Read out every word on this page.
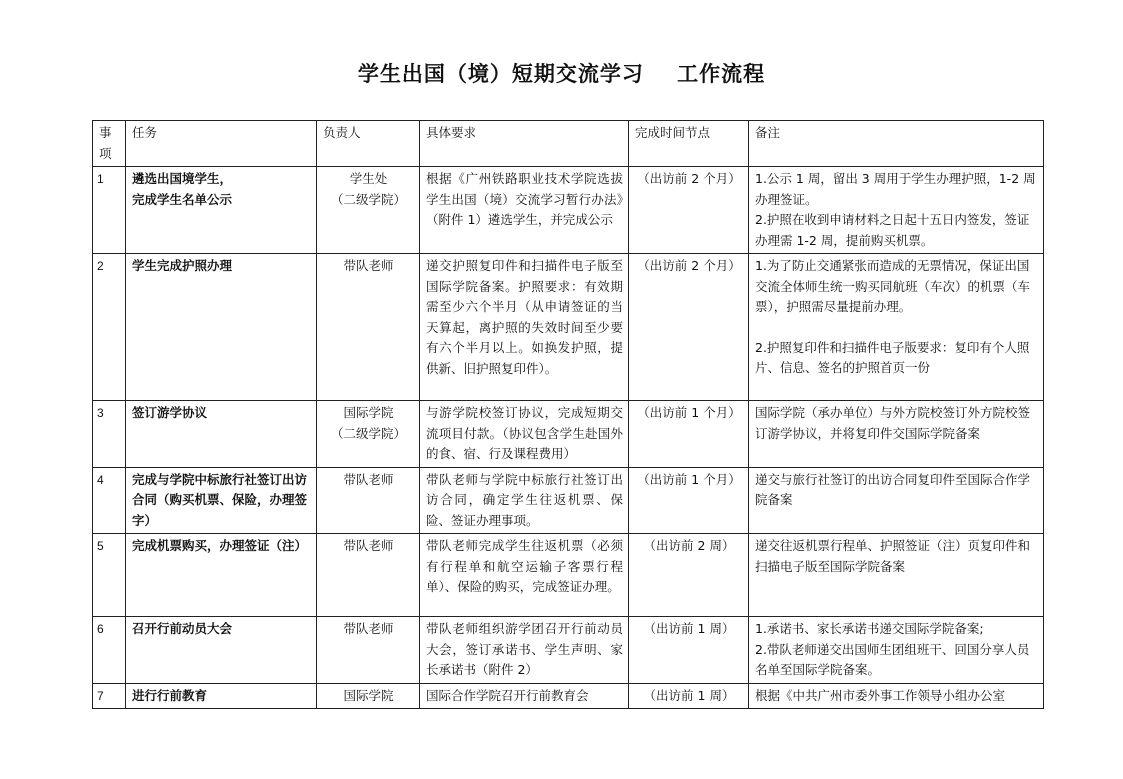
学生出国（境）短期交流学习    工作流程
事项	任务	负责人	具体要求	完成时间节点	备注
1	遴选出国境学生，
完成学生名单公示	学生处
（二级学院）	根据《广州铁路职业技术学院选拔学生出国（境）交流学习暂行办法》（附件 1）遴选学生，并完成公示	（出访前 2 个月）	1.公示 1 周，留出 3 周用于学生办理护照，1-2 周办理签证。
2.护照在收到申请材料之日起十五日内签发，签证办理需 1-2 周，提前购买机票。

2	学生完成护照办理	带队老师	递交护照复印件和扫描件电子版至国际学院备案。护照要求：有效期需至少六个半月（从申请签证的当天算起，离护照的失效时间至少要有六个半月以上。如换发护照，提供新、旧护照复印件）。	（出访前 2 个月）	1.为了防止交通紧张而造成的无票情况，保证出国交流全体师生统一购买同航班（车次）的机票（车票），护照需尽量提前办理。
2.护照复印件和扫描件电子版要求：复印有个人照片、信息、签名的护照首页一份

3	签订游学协议	国际学院
（二级学院）	与游学院校签订协议，完成短期交流项目付款。（协议包含学生赴国外的食、宿、行及课程费用）	（出访前 1 个月）	国际学院（承办单位）与外方院校签订外方院校签订游学协议，并将复印件交国际学院备案

4	完成与学院中标旅行社签订出访合同（购买机票、保险，办理签字）	带队老师	带队老师与学院中标旅行社签订出访合同，确定学生往返机票、保险、签证办理事项。	（出访前 1 个月）	递交与旅行社签订的出访合同复印件至国际合作学院备案

5	完成机票购买，办理签证（注）	带队老师	带队老师完成学生往返机票（必须有行程单和航空运输子客票行程单）、保险的购买，完成签证办理。	（出访前 2 周）	递交往返机票行程单、护照签证（注）页复印件和扫描电子版至国际学院备案

6	召开行前动员大会	带队老师	带队老师组织游学团召开行前动员大会，签订承诺书、学生声明、家长承诺书（附件 2）	（出访前 1 周）	1.承诺书、家长承诺书递交国际学院备案;
2.带队老师递交出国师生团组班干、回国分享人员名单至国际学院备案。

7	进行行前教育	国际学院	国际合作学院召开行前教育会	（出访前 1 周）	根据《中共广州市委外事工作领导小组办公室
